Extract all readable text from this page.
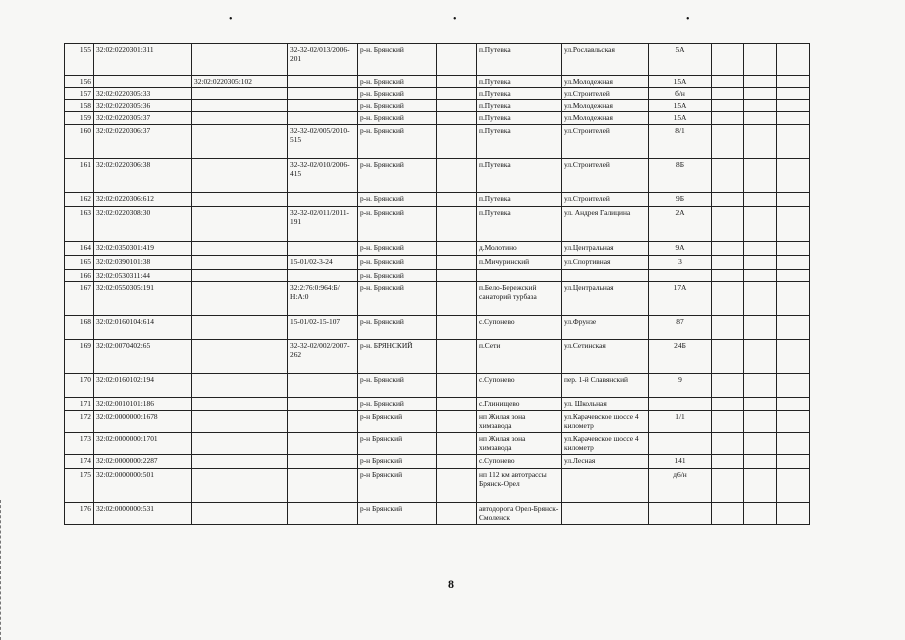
•	•	•
155	32:02:0220301:311		32-32-02/013/2006-201	р-н. Брянский		п.Путевка	ул.Рославльская	5А			
156		32:02:0220305:102		р-н. Брянский		п.Путевка	ул.Молодежная	15А			
157	32:02:0220305:33			р-н. Брянский		п.Путевка	ул.Строителей	б/н			
158	32:02:0220305:36			р-н. Брянский		п.Путевка	ул.Молодежная	15А			
159	32:02:0220305:37			р-н. Брянский		п.Путевка	ул.Молодежная	15А			
160	32:02:0220306:37		32-32-02/005/2010-515	р-н. Брянский		п.Путевка	ул.Строителей	8/1			
161	32:02:0220306:38		32-32-02/010/2006-415	р-н. Брянский		п.Путевка	ул.Строителей	8Б			
162	32:02:0220306:612			р-н. Брянский		п.Путевка	ул.Строителей	9Б			
163	32:02:0220308:30		32-32-02/011/2011-191	р-н. Брянский		п.Путевка	ул. Андрея Галицина	2А			
164	32:02:0350301:419			р-н. Брянский		д.Молотино	ул.Центральная	9А			
165	32:02:0390101:38		15-01/02-3-24	р-н. Брянский		п.Мичуринский	ул.Спортивная	3			
166	32:02:0530311:44			р-н. Брянский							
167	32:02:0550305:191		32:2:76:0:964:Б/Н:А:0	р-н. Брянский		п.Бело-Бережский санаторий турбаза	ул.Центральная	17А			
168	32:02:0160104:614		15-01/02-15-107	р-н. Брянский		с.Супонево	ул.Фрунзе	87			
169	32:02:0070402:65		32-32-02/002/2007-262	р-н. БРЯНСКИЙ		п.Сети	ул.Сетинская	24Б			
170	32:02:0160102:194			р-н. Брянский		с.Супонево	пер. 1-й Славянский	9			
171	32:02:0010101:186			р-н. Брянский		с.Глинищево	ул. Школьная				
172	32:02:0000000:1678			р-н Брянский		нп Жилая зона химзавода	ул.Карачевское шоссе 4 километр	1/1			
173	32:02:0000000:1701			р-н Брянский		нп Жилая зона химзавода	ул.Карачевское шоссе 4 километр				
174	32:02:0000000:2287			р-н Брянский		с.Супонево	ул.Лесная	141			
175	32:02:0000000:501			р-н Брянский		нп 112 км автотрассы Брянск-Орел		д6/н			
176	32:02:0000000:531			р-н Брянский		автодорога Орел-Брянск-Смоленск					
8
